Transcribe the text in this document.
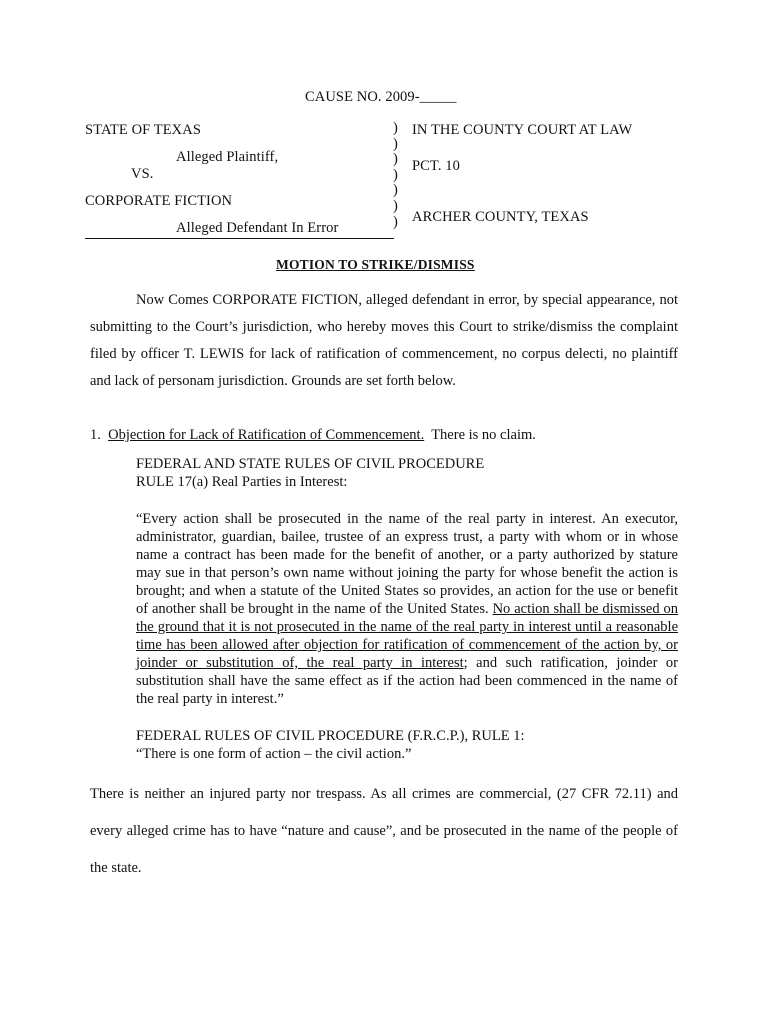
CAUSE NO. 2009-_____
STATE OF TEXAS
Alleged Plaintiff,
VS.
CORPORATE FICTION
Alleged Defendant In Error
)
)
)
)
)
)
)
IN THE COUNTY COURT AT LAW
PCT. 10
ARCHER COUNTY, TEXAS
MOTION TO STRIKE/DISMISS
Now Comes CORPORATE FICTION, alleged defendant in error, by special appearance, not submitting to the Court’s jurisdiction, who hereby moves this Court to strike/dismiss the complaint filed by officer T. LEWIS for lack of ratification of commencement, no corpus delecti, no plaintiff and lack of personam jurisdiction. Grounds are set forth below.
1. Objection for Lack of Ratification of Commencement. There is no claim.
FEDERAL AND STATE RULES OF CIVIL PROCEDURE
RULE 17(a) Real Parties in Interest:
“Every action shall be prosecuted in the name of the real party in interest. An executor, administrator, guardian, bailee, trustee of an express trust, a party with whom or in whose name a contract has been made for the benefit of another, or a party authorized by stature may sue in that person’s own name without joining the party for whose benefit the action is brought; and when a statute of the United States so provides, an action for the use or benefit of another shall be brought in the name of the United States. No action shall be dismissed on the ground that it is not prosecuted in the name of the real party in interest until a reasonable time has been allowed after objection for ratification of commencement of the action by, or joinder or substitution of, the real party in interest; and such ratification, joinder or substitution shall have the same effect as if the action had been commenced in the name of the real party in interest.”
FEDERAL RULES OF CIVIL PROCEDURE (F.R.C.P.), RULE 1:
“There is one form of action – the civil action.”
There is neither an injured party nor trespass. As all crimes are commercial, (27 CFR 72.11) and every alleged crime has to have “nature and cause”, and be prosecuted in the name of the people of the state.
